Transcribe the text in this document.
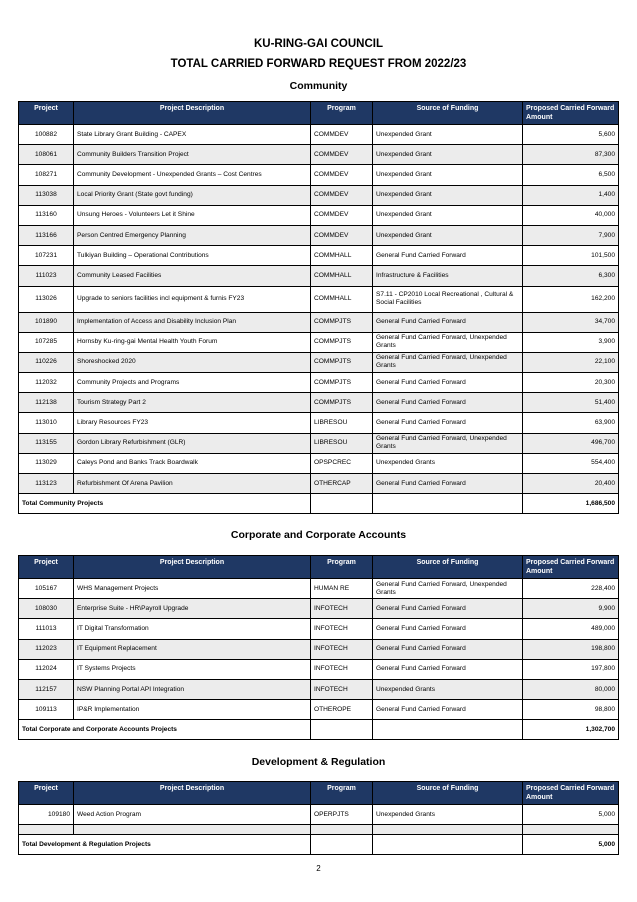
KU-RING-GAI COUNCIL
TOTAL CARRIED FORWARD REQUEST FROM 2022/23
Community
Project	Project Description	Program	Source of Funding	Proposed Carried Forward Amount
100882	State Library Grant Building - CAPEX	COMMDEV	Unexpended Grant	5,600
108061	Community Builders Transition Project	COMMDEV	Unexpended Grant	87,300
108271	Community Development - Unexpended Grants – Cost Centres	COMMDEV	Unexpended Grant	6,500
113038	Local Priority Grant (State govt funding)	COMMDEV	Unexpended Grant	1,400
113160	Unsung Heroes - Volunteers Let it Shine	COMMDEV	Unexpended Grant	40,000
113166	Person Centred Emergency Planning	COMMDEV	Unexpended Grant	7,900
107231	Tulkiyan Building – Operational Contributions	COMMHALL	General Fund Carried Forward	101,500
111023	Community Leased Facilities	COMMHALL	Infrastructure & Facilities	6,300
113026	Upgrade to seniors facilities incl equipment & furnis FY23	COMMHALL	S7.11 - CP2010 Local Recreational , Cultural & Social Facilities	162,200
101890	Implementation of Access and Disability Inclusion Plan	COMMPJTS	General Fund Carried Forward	34,700
107285	Hornsby Ku-ring-gai Mental Health Youth Forum	COMMPJTS	General Fund Carried Forward, Unexpended Grants	3,900
110226	Shoreshocked 2020	COMMPJTS	General Fund Carried Forward, Unexpended Grants	22,100
112032	Community Projects and Programs	COMMPJTS	General Fund Carried Forward	20,300
112138	Tourism Strategy Part 2	COMMPJTS	General Fund Carried Forward	51,400
113010	Library Resources FY23	LIBRESOU	General Fund Carried Forward	63,900
113155	Gordon Library Refurbishment (GLR)	LIBRESOU	General Fund Carried Forward, Unexpended Grants	496,700
113029	Caleys Pond and Banks Track Boardwalk	OPSPCREC	Unexpended Grants	554,400
113123	Refurbishment Of Arena Pavilion	OTHERCAP	General Fund Carried Forward	20,400
Total Community Projects				1,686,500
Corporate and Corporate Accounts
Project	Project Description	Program	Source of Funding	Proposed Carried Forward Amount
105167	WHS Management Projects	HUMAN RE	General Fund Carried Forward, Unexpended Grants	228,400
108030	Enterprise Suite - HR\Payroll Upgrade	INFOTECH	General Fund Carried Forward	9,900
111013	IT Digital Transformation	INFOTECH	General Fund Carried Forward	489,000
112023	IT Equipment Replacement	INFOTECH	General Fund Carried Forward	198,800
112024	IT Systems Projects	INFOTECH	General Fund Carried Forward	197,800
112157	NSW Planning Portal API Integration	INFOTECH	Unexpended Grants	80,000
109113	IP&R Implementation	OTHEROPE	General Fund Carried Forward	98,800
Total Corporate and Corporate Accounts Projects				1,302,700
Development & Regulation
Project	Project Description	Program	Source of Funding	Proposed Carried Forward Amount
109180	Weed Action Program	OPERPJTS	Unexpended Grants	5,000

Total Development & Regulation Projects				5,000
2
